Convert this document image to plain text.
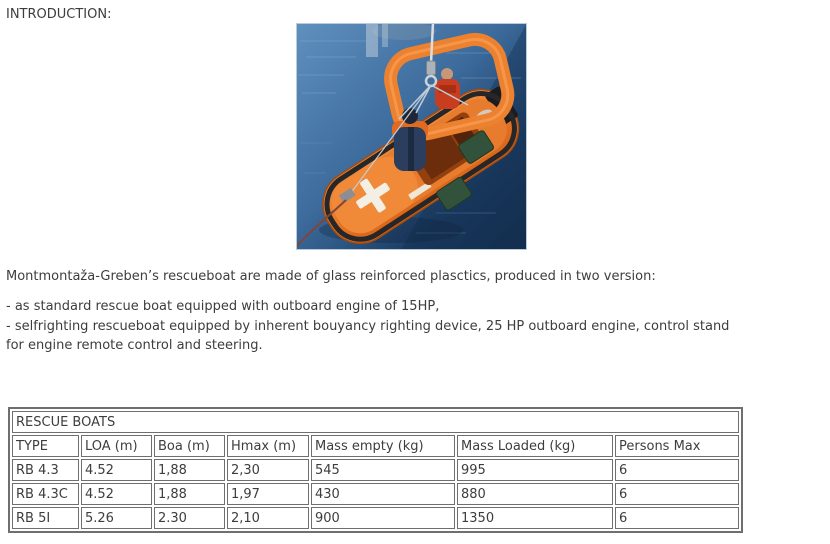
INTRODUCTION:
Montmontaža-Greben’s rescueboat are made of glass reinforced plasctics, produced in two version:
- as standard rescue boat equipped with outboard engine of 15HP,
- selfrighting rescueboat equipped by inherent bouyancy righting device, 25 HP outboard engine, control stand
for engine remote control and steering.
RESCUE BOATS						
TYPE	LOA (m)	Boa (m)	Hmax (m)	Mass empty (kg)	Mass Loaded (kg)	Persons Max
RB 4.3	4.52	1,88	2,30	545	995	6
RB 4.3C	4.52	1,88	1,97	430	880	6
RB 5I	5.26	2.30	2,10	900	1350	6
